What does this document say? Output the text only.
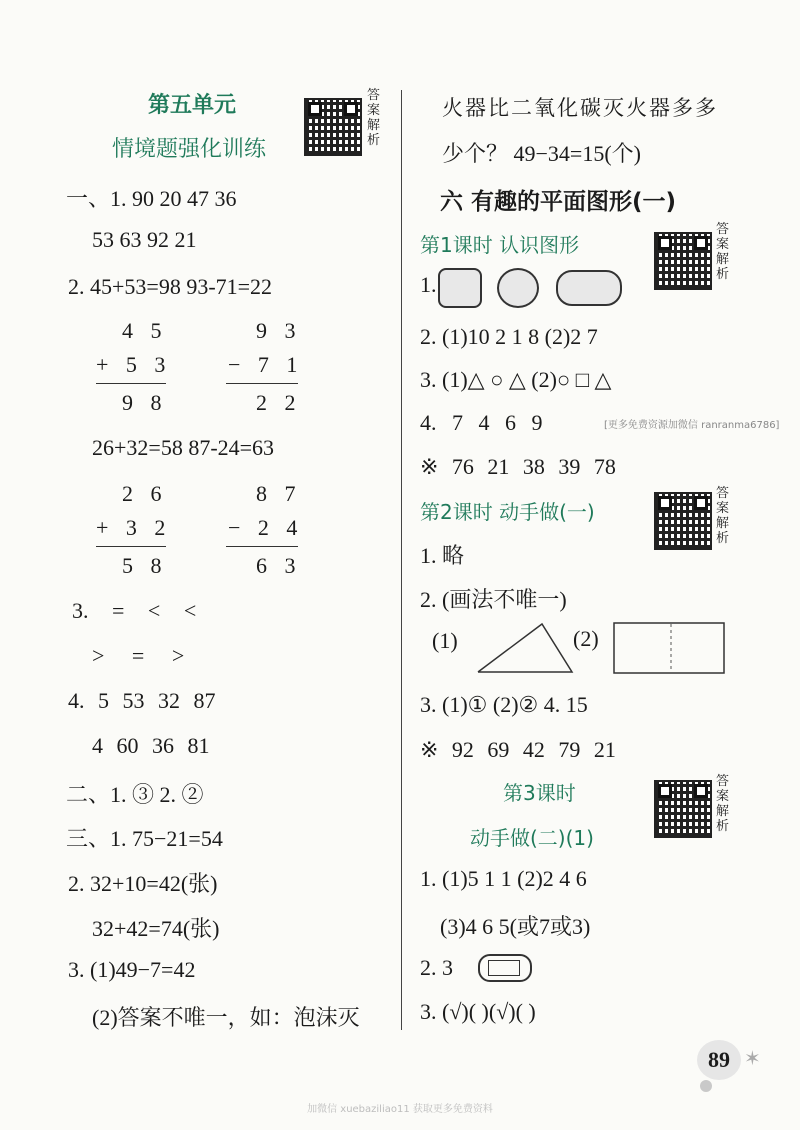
第五单元
情境题强化训练
答案解析
一、1. 90 20 47 36
53 63 92 21
2. 45+53=98 93-71=22
4 5
+ 5 3
9 8
9 3
− 7 1
2 2
26+32=58 87-24=63
2 6
+ 3 2
5 8
8 7
− 2 4
6 3
3. = < <
> = >
4. 5 53 32 87
4 60 36 81
二、1. ③ 2. ②
三、1. 75−21=54
2. 32+10=42(张)
32+42=74(张)
3. (1)49−7=42
(2)答案不唯一，如：泡沫灭
火器比二氧化碳灭火器多多
少个？ 49−34=15(个)
六 有趣的平面图形(一)
第1课时 认识图形
答案解析
1.
2. (1)10 2 1 8 (2)2 7
3. (1)△ ○ △ (2)○ □ △
4. 7 4 6 9	[更多免费资源加微信 ranranma6786]
※ 76 21 38 39 78
第2课时 动手做(一)
答案解析
1. 略
2. (画法不唯一)
(1)	(2)
3. (1)① (2)② 4. 15
※ 92 69 42 79 21
第3课时
动手做(二)(1)
答案解析
1. (1)5 1 1 (2)2 4 6
(3)4 6 5(或7或3)
2. 3
3. (√)( )(√)( )
89 ✶
加微信 xuebaziliao11 获取更多免费资料
